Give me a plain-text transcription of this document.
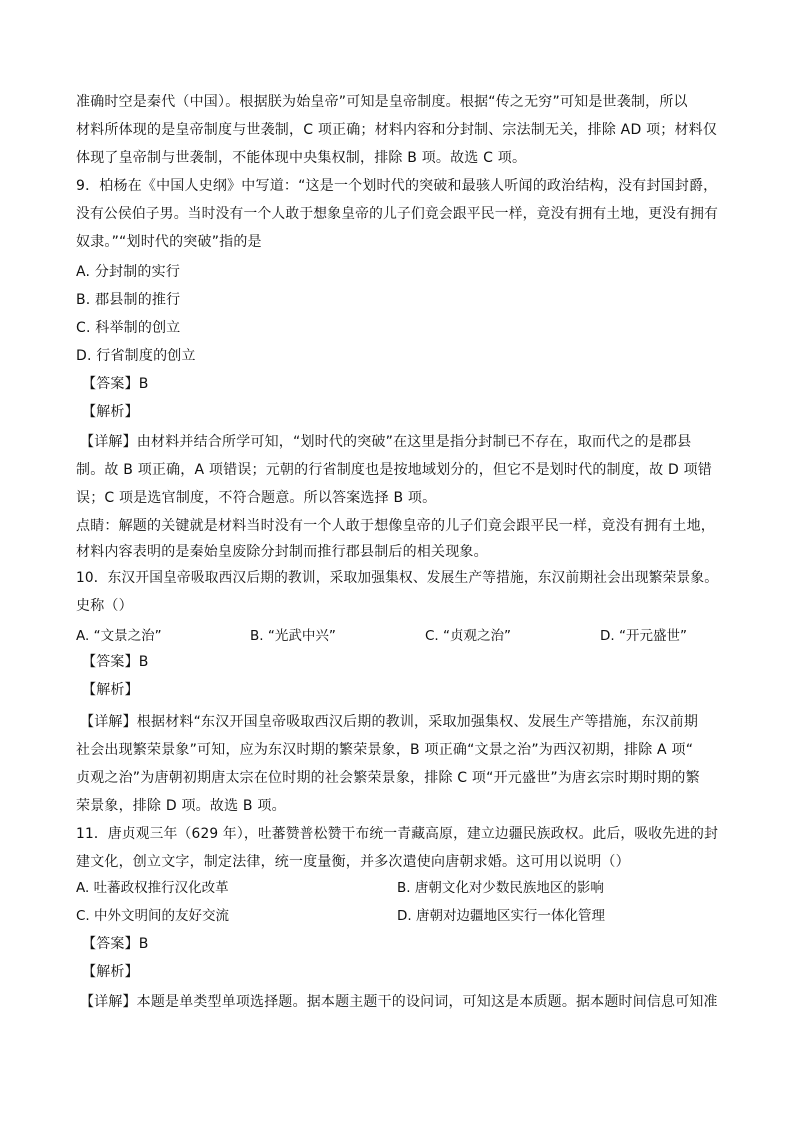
准确时空是秦代（中国）。根据朕为始皇帝”可知是皇帝制度。根据“传之无穷”可知是世袭制，所以
材料所体现的是皇帝制度与世袭制，C 项正确；材料内容和分封制、宗法制无关，排除 AD 项；材料仅
体现了皇帝制与世袭制，不能体现中央集权制，排除 B 项。故选 C 项。
9．柏杨在《中国人史纲》中写道：“这是一个划时代的突破和最骇人听闻的政治结构，没有封国封爵，
没有公侯伯子男。当时没有一个人敢于想象皇帝的儿子们竟会跟平民一样，竟没有拥有土地，更没有拥有
奴隶。”“划时代的突破”指的是
A. 分封制的实行
B. 郡县制的推行
C. 科举制的创立
D. 行省制度的创立
【答案】B
【解析】
【详解】由材料并结合所学可知，“划时代的突破”在这里是指分封制已不存在，取而代之的是郡县
制。故 B 项正确，A 项错误；元朝的行省制度也是按地域划分的，但它不是划时代的制度，故 D 项错
误；C 项是选官制度，不符合题意。所以答案选择 B 项。
点睛：解题的关键就是材料当时没有一个人敢于想像皇帝的儿子们竟会跟平民一样，竟没有拥有土地，
材料内容表明的是秦始皇废除分封制而推行郡县制后的相关现象。
10．东汉开国皇帝吸取西汉后期的教训，采取加强集权、发展生产等措施，东汉前期社会出现繁荣景象。
史称（）
A. “文景之治”	B. “光武中兴”	C. “贞观之治”	D. “开元盛世”
【答案】B
【解析】
【详解】根据材料“东汉开国皇帝吸取西汉后期的教训，采取加强集权、发展生产等措施，东汉前期
社会出现繁荣景象”可知，应为东汉时期的繁荣景象，B 项正确“文景之治”为西汉初期，排除 A 项“
贞观之治”为唐朝初期唐太宗在位时期的社会繁荣景象，排除 C 项“开元盛世”为唐玄宗时期时期的繁
荣景象，排除 D 项。故选 B 项。
11．唐贞观三年（629 年），吐蕃赞普松赞干布统一青藏高原，建立边疆民族政权。此后，吸收先进的封
建文化，创立文字，制定法律，统一度量衡，并多次遣使向唐朝求婚。这可用以说明（）
A. 吐蕃政权推行汉化改革	B. 唐朝文化对少数民族地区的影响
C. 中外文明间的友好交流	D. 唐朝对边疆地区实行一体化管理
【答案】B
【解析】
【详解】本题是单类型单项选择题。据本题主题干的设问词，可知这是本质题。据本题时间信息可知准
